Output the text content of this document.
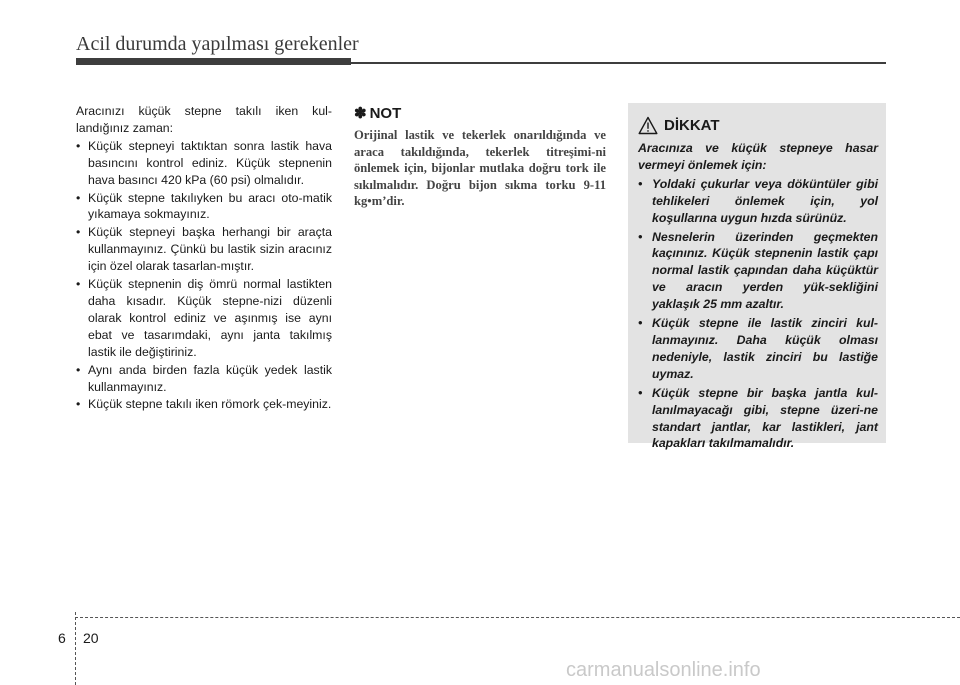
Acil durumda yapılması gerekenler

Aracınızı küçük stepne takılı iken kul-landığınız zaman:

• Küçük stepneyi taktıktan sonra lastik hava basıncını kontrol ediniz. Küçük stepnenin hava basıncı 420 kPa (60 psi) olmalıdır.
• Küçük stepne takılıyken bu aracı oto-matik yıkamaya sokmayınız.
• Küçük stepneyi başka herhangi bir araçta kullanmayınız. Çünkü bu lastik sizin aracınız için özel olarak tasarlan-mıştır.
• Küçük stepnenin diş ömrü normal lastikten daha kısadır. Küçük stepne-nizi düzenli olarak kontrol ediniz ve aşınmış ise aynı ebat ve tasarımdaki, aynı janta takılmış lastik ile değiştiriniz.
• Aynı anda birden fazla küçük yedek lastik kullanmayınız.
• Küçük stepne takılı iken römork çek-meyiniz.
✽ NOT
Orijinal lastik ve tekerlek onarıldığında ve araca takıldığında, tekerlek titreşimi-ni önlemek için, bijonlar mutlaka doğru tork ile sıkılmalıdır. Doğru bijon sıkma torku 9-11 kg•m’dir.
DİKKAT

Aracınıza ve küçük stepneye hasar vermeyi önlemek için:

• Yoldaki çukurlar veya döküntüler gibi tehlikeleri önlemek için, yol koşullarına uygun hızda sürünüz.
• Nesnelerin üzerinden geçmekten kaçınınız. Küçük stepnenin lastik çapı normal lastik çapından daha küçüktür ve aracın yerden yük-sekliğini yaklaşık 25 mm azaltır.
• Küçük stepne ile lastik zinciri kul-lanmayınız. Daha küçük olması nedeniyle, lastik zinciri bu lastiğe uymaz.
• Küçük stepne bir başka jantla kul-lanılmayacağı gibi, stepne üzeri-ne standart jantlar, kar lastikleri, jant kapakları takılmamalıdır.
6 20
carmanualsonline.info
